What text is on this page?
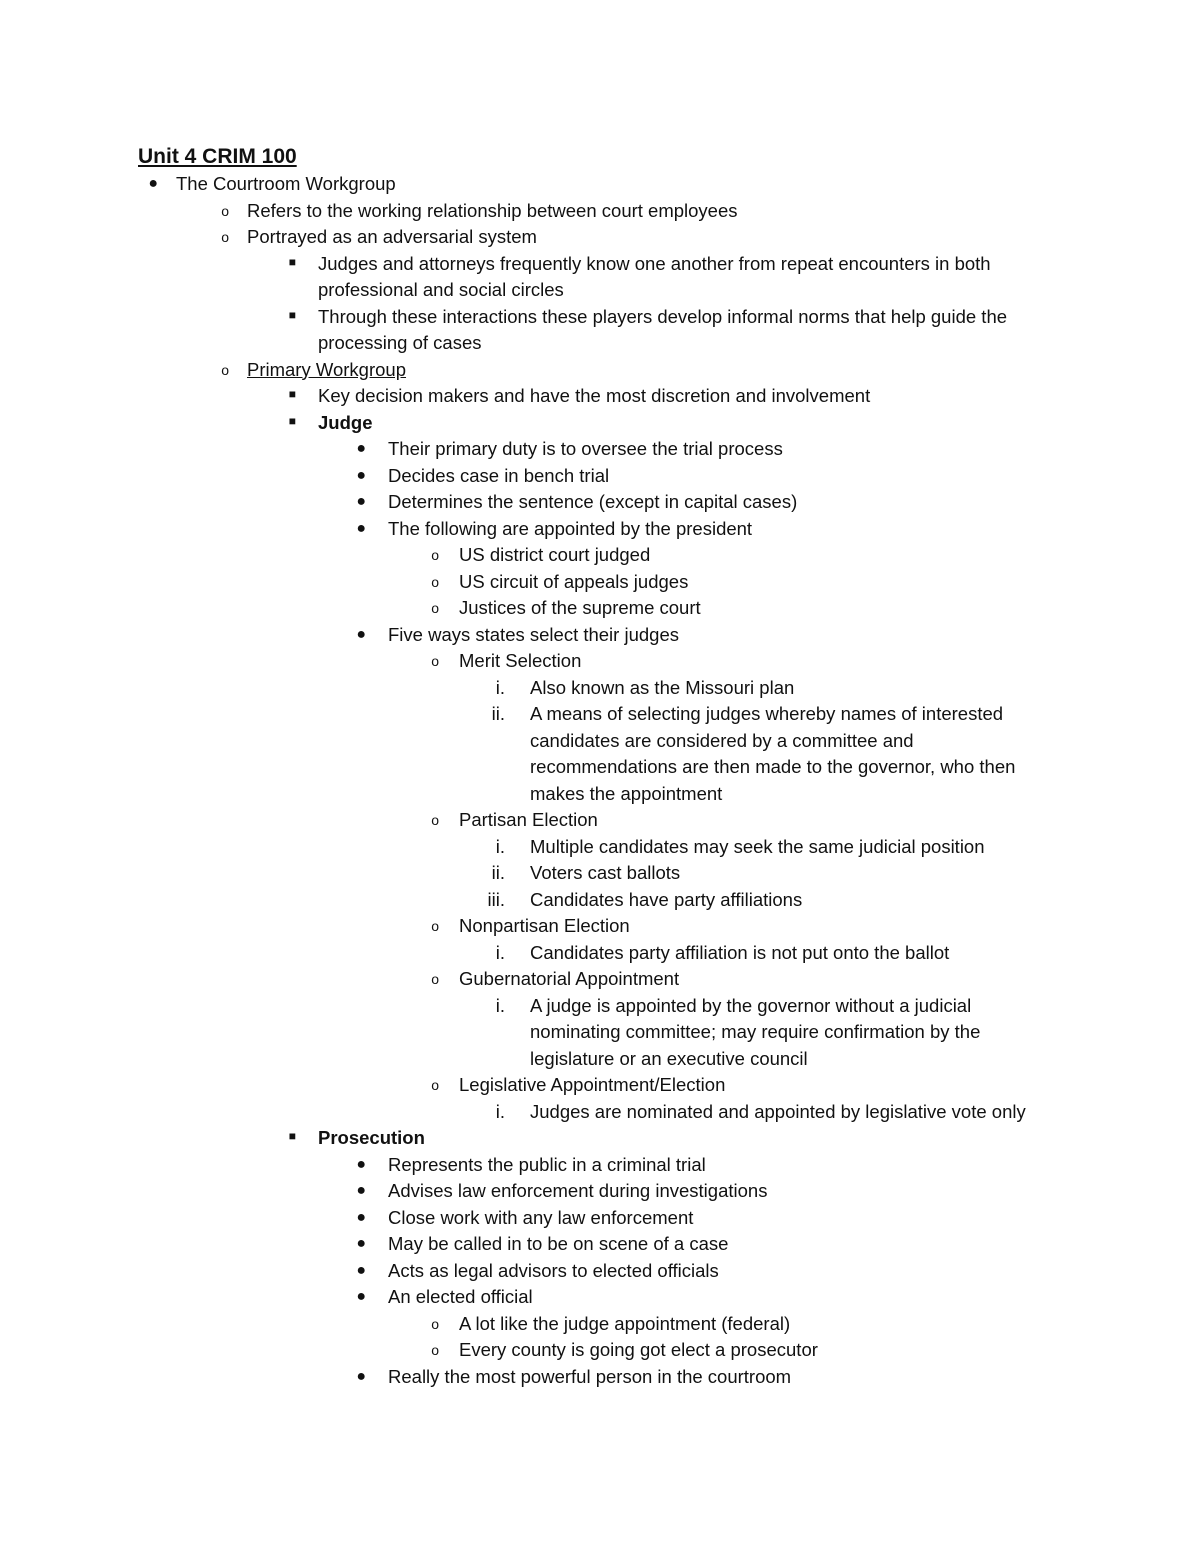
Unit 4 CRIM 100
● The Courtroom Workgroup
o Refers to the working relationship between court employees
o Portrayed as an adversarial system
■ Judges and attorneys frequently know one another from repeat encounters in both professional and social circles
■ Through these interactions these players develop informal norms that help guide the processing of cases
o Primary Workgroup
■ Key decision makers and have the most discretion and involvement
■ Judge
● Their primary duty is to oversee the trial process
● Decides case in bench trial
● Determines the sentence (except in capital cases)
● The following are appointed by the president
o US district court judged
o US circuit of appeals judges
o Justices of the supreme court
● Five ways states select their judges
o Merit Selection
i. Also known as the Missouri plan
ii. A means of selecting judges whereby names of interested candidates are considered by a committee and recommendations are then made to the governor, who then makes the appointment
o Partisan Election
i. Multiple candidates may seek the same judicial position
ii. Voters cast ballots
iii. Candidates have party affiliations
o Nonpartisan Election
i. Candidates party affiliation is not put onto the ballot
o Gubernatorial Appointment
i. A judge is appointed by the governor without a judicial nominating committee; may require confirmation by the legislature or an executive council
o Legislative Appointment/Election
i. Judges are nominated and appointed by legislative vote only
■ Prosecution
● Represents the public in a criminal trial
● Advises law enforcement during investigations
● Close work with any law enforcement
● May be called in to be on scene of a case
● Acts as legal advisors to elected officials
● An elected official
o A lot like the judge appointment (federal)
o Every county is going got elect a prosecutor
● Really the most powerful person in the courtroom
